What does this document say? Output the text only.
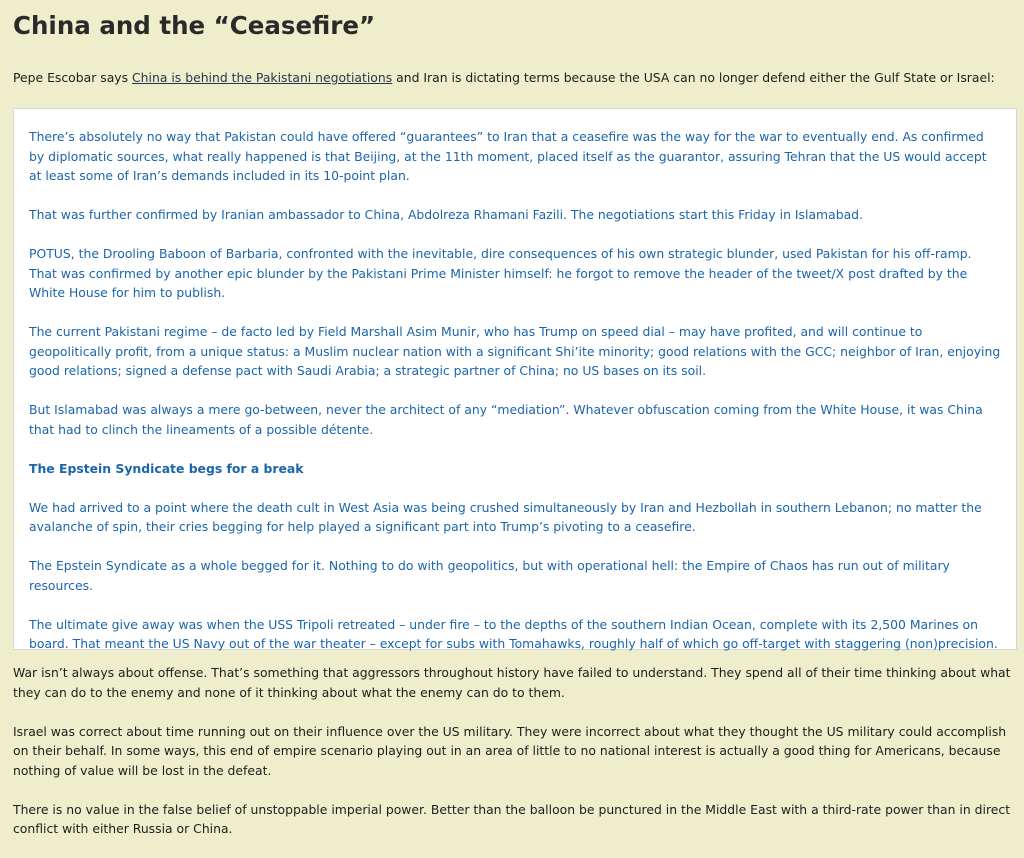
China and the “Ceasefire”

Pepe Escobar says China is behind the Pakistani negotiations and Iran is dictating terms because the USA can no longer defend either the Gulf State or Israel:

There’s absolutely no way that Pakistan could have offered “guarantees” to Iran that a ceasefire was the way for the war to eventually end. As confirmed by diplomatic sources, what really happened is that Beijing, at the 11th moment, placed itself as the guarantor, assuring Tehran that the US would accept at least some of Iran’s demands included in its 10-point plan.

That was further confirmed by Iranian ambassador to China, Abdolreza Rhamani Fazili. The negotiations start this Friday in Islamabad.

POTUS, the Drooling Baboon of Barbaria, confronted with the inevitable, dire consequences of his own strategic blunder, used Pakistan for his off-ramp. That was confirmed by another epic blunder by the Pakistani Prime Minister himself: he forgot to remove the header of the tweet/X post drafted by the White House for him to publish.

The current Pakistani regime – de facto led by Field Marshall Asim Munir, who has Trump on speed dial – may have profited, and will continue to geopolitically profit, from a unique status: a Muslim nuclear nation with a significant Shi’ite minority; good relations with the GCC; neighbor of Iran, enjoying good relations; signed a defense pact with Saudi Arabia; a strategic partner of China; no US bases on its soil.

But Islamabad was always a mere go-between, never the architect of any “mediation”. Whatever obfuscation coming from the White House, it was China that had to clinch the lineaments of a possible détente.

The Epstein Syndicate begs for a break

We had arrived to a point where the death cult in West Asia was being crushed simultaneously by Iran and Hezbollah in southern Lebanon; no matter the avalanche of spin, their cries begging for help played a significant part into Trump’s pivoting to a ceasefire.

The Epstein Syndicate as a whole begged for it. Nothing to do with geopolitics, but with operational hell: the Empire of Chaos has run out of military resources.

The ultimate give away was when the USS Tripoli retreated – under fire – to the depths of the southern Indian Ocean, complete with its 2,500 Marines on board. That meant the US Navy out of the war theater – except for subs with Tomahawks, roughly half of which go off-target with staggering (non)precision.

War isn’t always about offense. That’s something that aggressors throughout history have failed to understand. They spend all of their time thinking about what they can do to the enemy and none of it thinking about what the enemy can do to them.

Israel was correct about time running out on their influence over the US military. They were incorrect about what they thought the US military could accomplish on their behalf. In some ways, this end of empire scenario playing out in an area of little to no national interest is actually a good thing for Americans, because nothing of value will be lost in the defeat.

There is no value in the false belief of unstoppable imperial power. Better than the balloon be punctured in the Middle East with a third-rate power than in direct conflict with either Russia or China.
